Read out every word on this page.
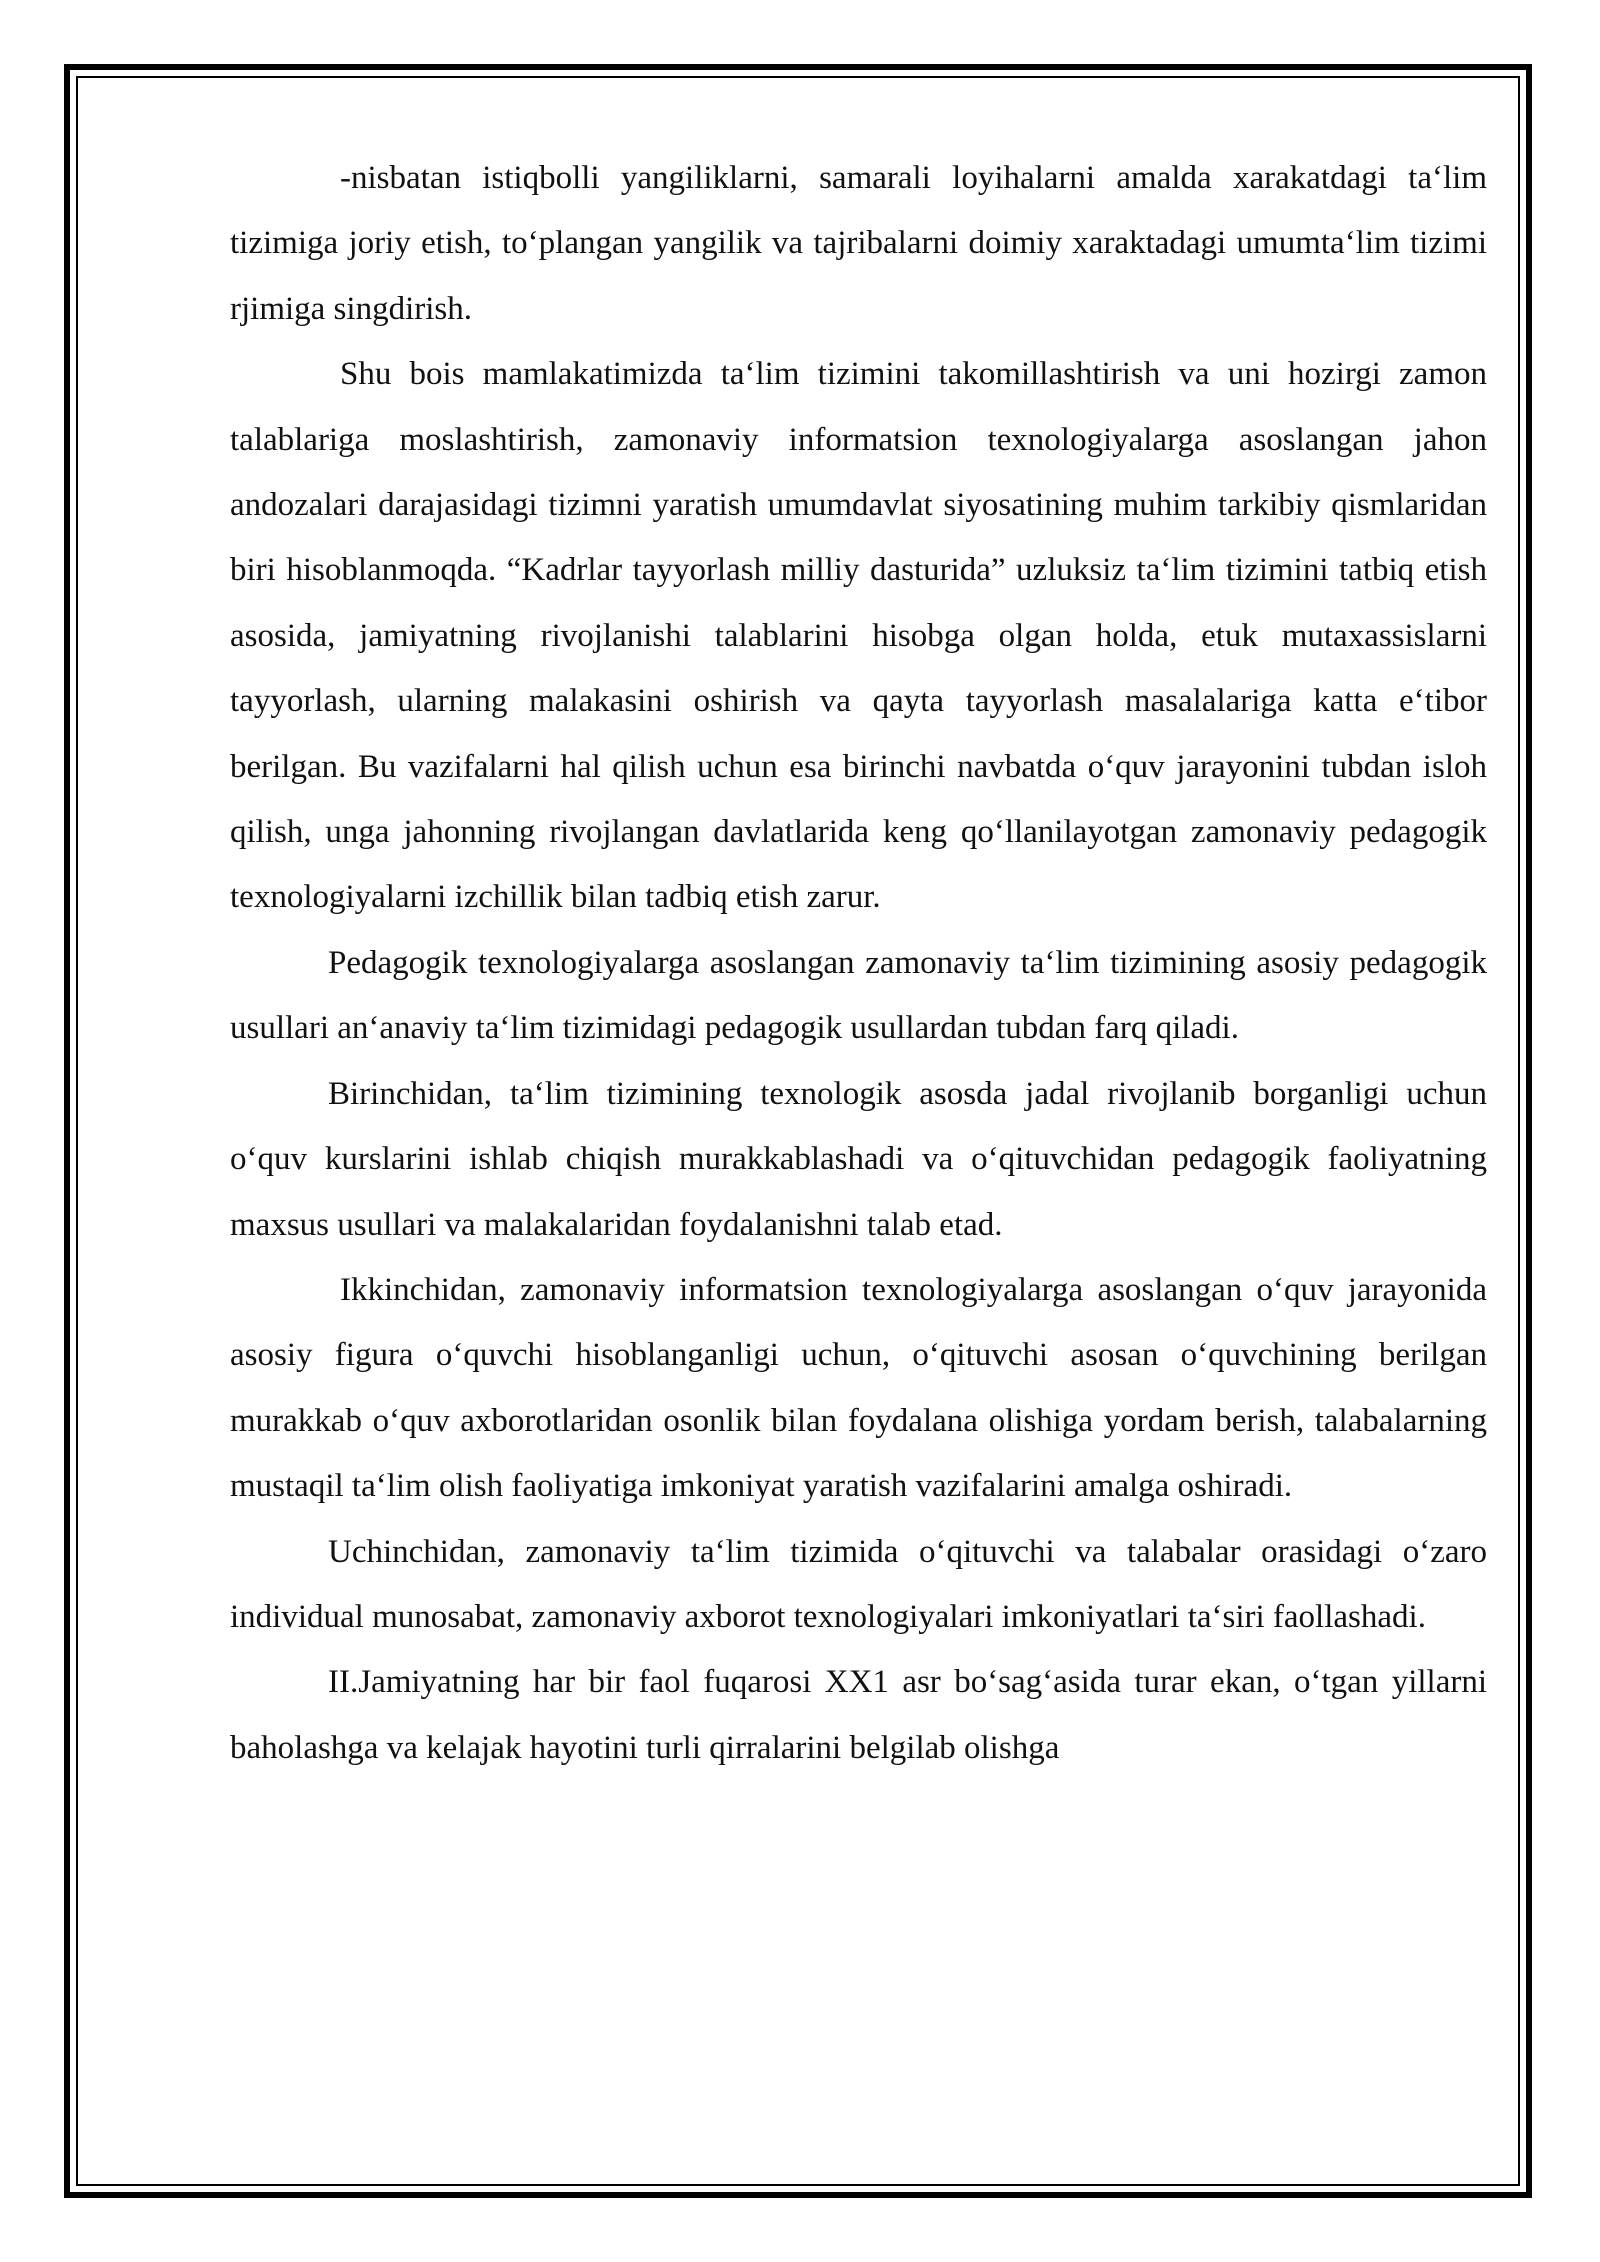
-nisbatan istiqbolli yangiliklarni, samarali loyihalarni amalda xarakatdagi ta‘lim tizimiga joriy etish, to‘plangan yangilik va tajribalarni doimiy xaraktadagi umumta‘lim tizimi rjimiga singdirish.

Shu bois mamlakatimizda ta‘lim tizimini takomillashtirish va uni hozirgi zamon talablariga moslashtirish, zamonaviy informatsion texnologiyalarga asoslangan jahon andozalari darajasidagi tizimni yaratish umumdavlat siyosatining muhim tarkibiy qismlaridan biri hisoblanmoqda. “Kadrlar tayyorlash milliy dasturida” uzluksiz ta‘lim tizimini tatbiq etish asosida, jamiyatning rivojlanishi talablarini hisobga olgan holda, etuk mutaxassislarni tayyorlash, ularning malakasini oshirish va qayta tayyorlash masalalariga katta e‘tibor berilgan. Bu vazifalarni hal qilish uchun esa birinchi navbatda o‘quv jarayonini tubdan isloh qilish, unga jahonning rivojlangan davlatlarida keng qo‘llanilayotgan zamonaviy pedagogik texnologiyalarni izchillik bilan tadbiq etish zarur.

Pedagogik texnologiyalarga asoslangan zamonaviy ta‘lim tizimining asosiy pedagogik usullari an‘anaviy ta‘lim tizimidagi pedagogik usullardan tubdan farq qiladi.

Birinchidan, ta‘lim tizimining texnologik asosda jadal rivojlanib borganligi uchun o‘quv kurslarini ishlab chiqish murakkablashadi va o‘qituvchidan pedagogik faoliyatning maxsus usullari va malakalaridan foydalanishni talab etad.

Ikkinchidan, zamonaviy informatsion texnologiyalarga asoslangan o‘quv jarayonida asosiy figura o‘quvchi hisoblanganligi uchun, o‘qituvchi asosan o‘quvchining berilgan murakkab o‘quv axborotlaridan osonlik bilan foydalana olishiga yordam berish, talabalarning mustaqil ta‘lim olish faoliyatiga imkoniyat yaratish vazifalarini amalga oshiradi.

Uchinchidan, zamonaviy ta‘lim tizimida o‘qituvchi va talabalar orasidagi o‘zaro individual munosabat, zamonaviy axborot texnologiyalari imkoniyatlari ta‘siri faollashadi.

II.Jamiyatning har bir faol fuqarosi XX1 asr bo‘sag‘asida turar ekan, o‘tgan yillarni baholashga va kelajak hayotini turli qirralarini belgilab olishga
